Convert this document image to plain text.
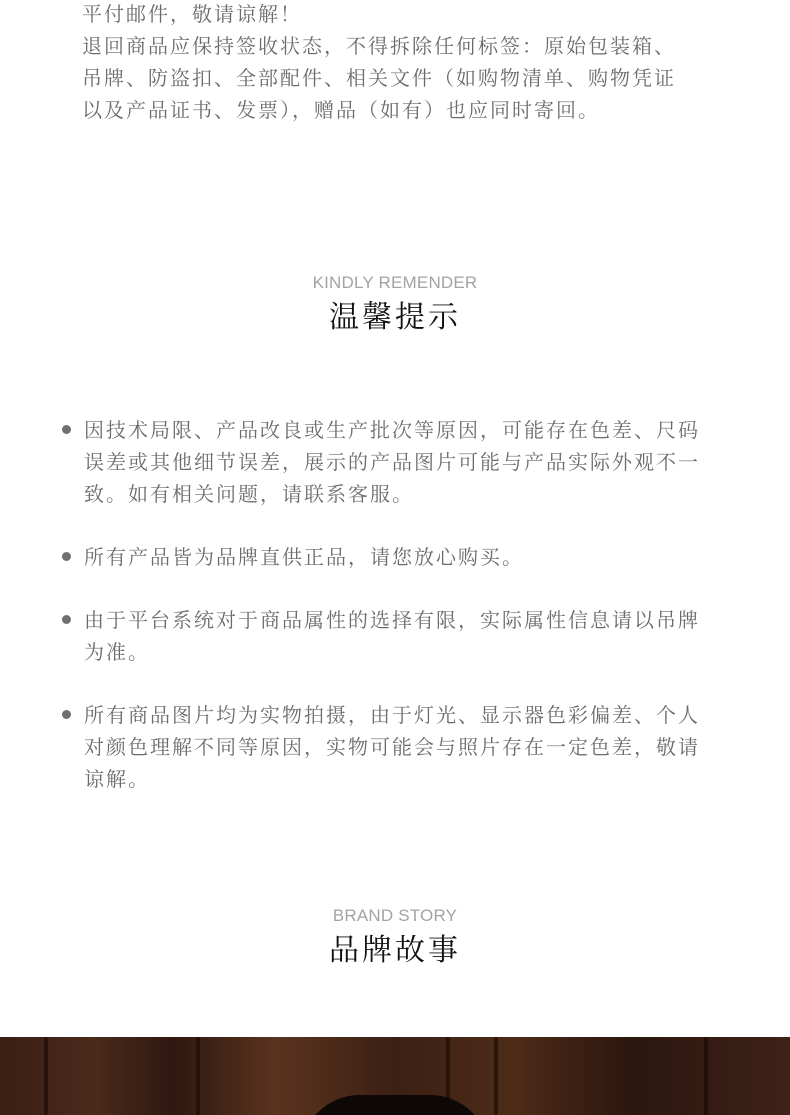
平付邮件，敬请谅解！

退回商品应保持签收状态，不得拆除任何标签：原始包装箱、

吊牌、防盗扣、全部配件、相关文件（如购物清单、购物凭证

以及产品证书、发票），赠品（如有）也应同时寄回。

KINDLY REMENDER
温馨提示
因技术局限、产品改良或生产批次等原因，可能存在色差、尺码误差或其他细节误差，展示的产品图片可能与产品实际外观不一致。如有相关问题，请联系客服。
所有产品皆为品牌直供正品，请您放心购买。
由于平台系统对于商品属性的选择有限，实际属性信息请以吊牌为准。
所有商品图片均为实物拍摄，由于灯光、显示器色彩偏差、个人对颜色理解不同等原因，实物可能会与照片存在一定色差，敬请谅解。
BRAND STORY
品牌故事
